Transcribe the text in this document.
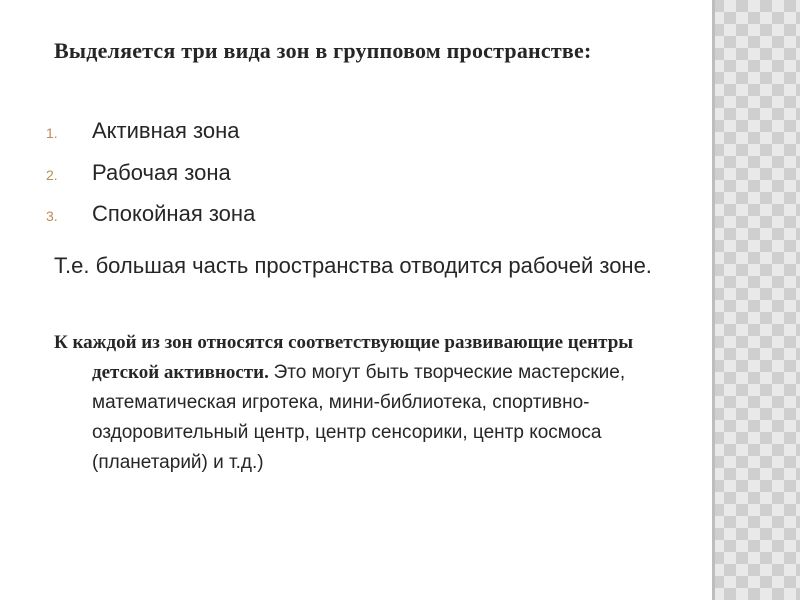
Выделяется три вида зон в групповом пространстве:

1.	Активная зона
2.	Рабочая зона
3.	Спокойная зона

Т.е. большая часть пространства отводится рабочей зоне.

К каждой из зон относятся соответствующие развивающие центры детской активности. Это могут быть творческие мастерские, математическая игротека, мини-библиотека, спортивно-оздоровительный центр, центр сенсорики, центр космоса (планетарий) и т.д.)
